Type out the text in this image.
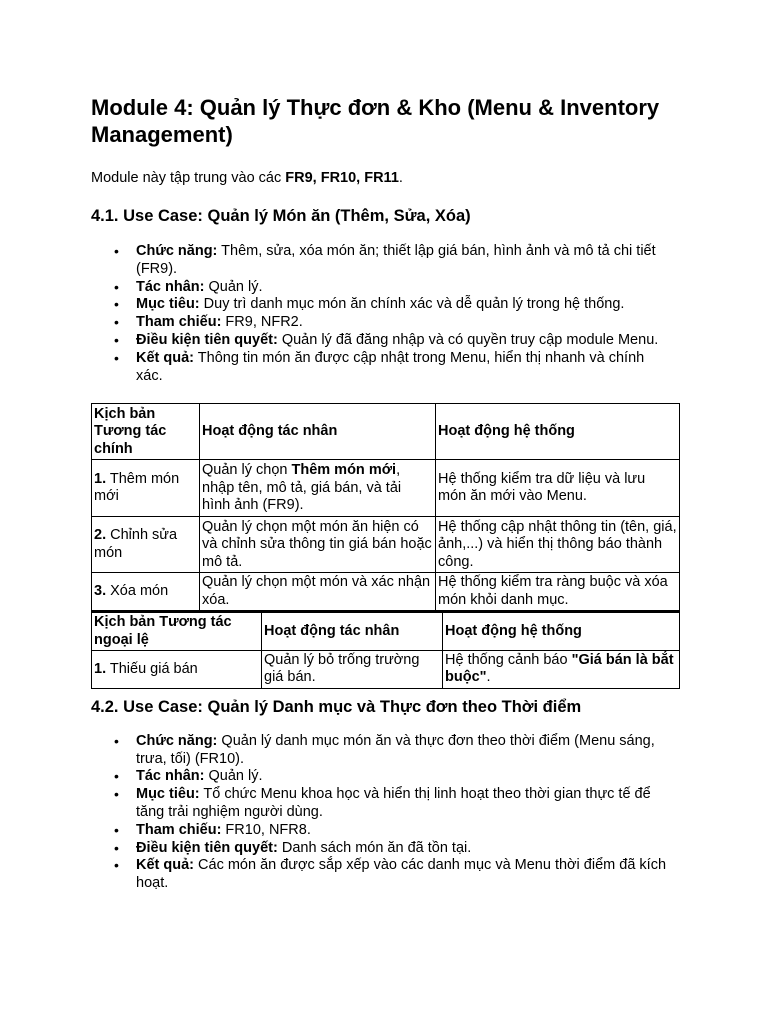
Module 4: Quản lý Thực đơn & Kho (Menu & Inventory Management)

Module này tập trung vào các FR9, FR10, FR11.

4.1. Use Case: Quản lý Món ăn (Thêm, Sửa, Xóa)
• Chức năng: Thêm, sửa, xóa món ăn; thiết lập giá bán, hình ảnh và mô tả chi tiết (FR9).
• Tác nhân: Quản lý.
• Mục tiêu: Duy trì danh mục món ăn chính xác và dễ quản lý trong hệ thống.
• Tham chiếu: FR9, NFR2.
• Điều kiện tiên quyết: Quản lý đã đăng nhập và có quyền truy cập module Menu.
• Kết quả: Thông tin món ăn được cập nhật trong Menu, hiển thị nhanh và chính xác.
Kịch bản Tương tác chính	Hoạt động tác nhân	Hoạt động hệ thống
1. Thêm món mới	Quản lý chọn Thêm món mới, nhập tên, mô tả, giá bán, và tải hình ảnh (FR9).	Hệ thống kiểm tra dữ liệu và lưu món ăn mới vào Menu.
2. Chỉnh sửa món	Quản lý chọn một món ăn hiện có và chỉnh sửa thông tin giá bán hoặc mô tả.	Hệ thống cập nhật thông tin (tên, giá, ảnh,...) và hiển thị thông báo thành công.
3. Xóa món	Quản lý chọn một món và xác nhận xóa.	Hệ thống kiểm tra ràng buộc và xóa món khỏi danh mục.
Kịch bản Tương tác ngoại lệ	Hoạt động tác nhân	Hoạt động hệ thống
1. Thiếu giá bán	Quản lý bỏ trống trường giá bán.	Hệ thống cảnh báo "Giá bán là bắt buộc".
4.2. Use Case: Quản lý Danh mục và Thực đơn theo Thời điểm
• Chức năng: Quản lý danh mục món ăn và thực đơn theo thời điểm (Menu sáng, trưa, tối) (FR10).
• Tác nhân: Quản lý.
• Mục tiêu: Tổ chức Menu khoa học và hiển thị linh hoạt theo thời gian thực tế để tăng trải nghiệm người dùng.
• Tham chiếu: FR10, NFR8.
• Điều kiện tiên quyết: Danh sách món ăn đã tồn tại.
• Kết quả: Các món ăn được sắp xếp vào các danh mục và Menu thời điểm đã kích hoạt.
